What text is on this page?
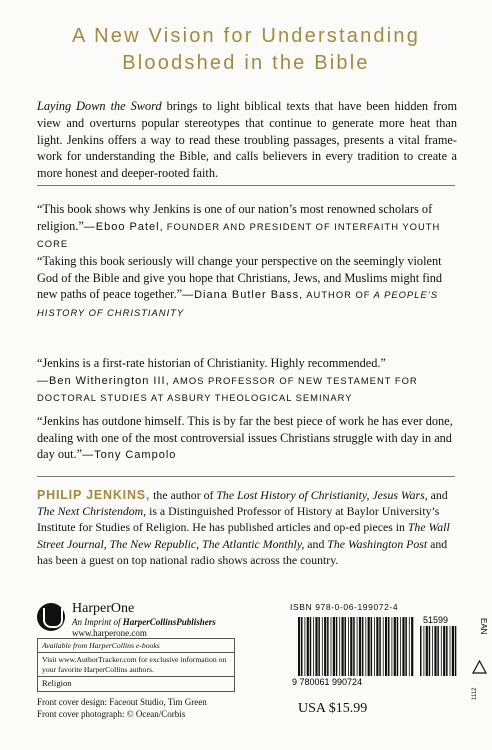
A New Vision for Understanding
Bloodshed in the Bible
Laying Down the Sword brings to light biblical texts that have been hidden from view and overturns popular stereotypes that continue to generate more heat than light. Jenkins offers a way to read these troubling passages, presents a vital framework for understanding the Bible, and calls believers in every tradition to create a more honest and deeper-rooted faith.
“This book shows why Jenkins is one of our nation’s most renowned scholars of religion.”—Eboo Patel, FOUNDER AND PRESIDENT OF INTERFAITH YOUTH CORE
“Taking this book seriously will change your perspective on the seemingly violent God of the Bible and give you hope that Christians, Jews, and Muslims might find new paths of peace together.”—Diana Butler Bass, AUTHOR OF A PEOPLE’S HISTORY OF CHRISTIANITY
“Jenkins is a first-rate historian of Christianity. Highly recommended.”
—Ben Witherington III, AMOS PROFESSOR OF NEW TESTAMENT FOR DOCTORAL STUDIES AT ASBURY THEOLOGICAL SEMINARY
“Jenkins has outdone himself. This is by far the best piece of work he has ever done, dealing with one of the most controversial issues Christians struggle with day in and day out.”—Tony Campolo
PHILIP JENKINS, the author of The Lost History of Christianity, Jesus Wars, and The Next Christendom, is a Distinguished Professor of History at Baylor University’s Institute for Studies of Religion. He has published articles and op-ed pieces in The Wall Street Journal, The New Republic, The Atlantic Monthly, and The Washington Post and has been a guest on top national radio shows across the country.
HarperOne
An Imprint of HarperCollinsPublishers
www.harperone.com
Available from HarperCollins e-books
Visit www.AuthorTracker.com for exclusive information on your favorite HarperCollins authors.
Religion
Front cover design: Faceout Studio, Tim Green
Front cover photograph: © Ocean/Corbis
ISBN 978-0-06-199072-4
9 780061 990724
51599	EAN
USA $15.99
1112
